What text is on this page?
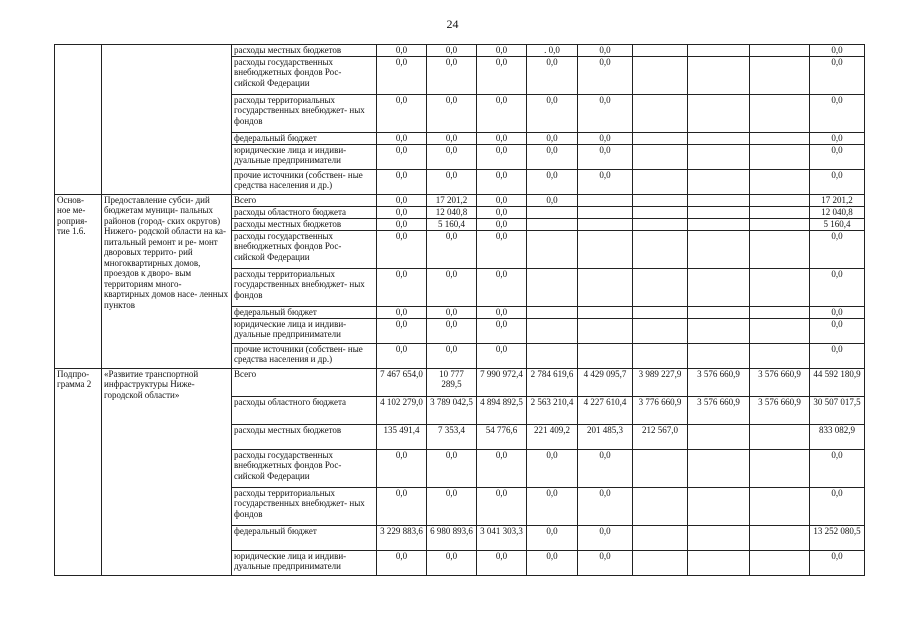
24
		расходы местных бюджетов	0,0	0,0	0,0	. 0,0	0,0				0,0
		расходы государственных внебюджетных фондов Рос- сийской Федерации	0,0	0,0	0,0	0,0	0,0				0,0
		расходы территориальных государственных внебюджет- ных фондов	0,0	0,0	0,0	0,0	0,0				0,0
		федеральный бюджет	0,0	0,0	0,0	0,0	0,0				0,0
		юридические лица и индиви- дуальные предприниматели	0,0	0,0	0,0	0,0	0,0				0,0
		прочие источники (собствен- ные средства населения и др.)	0,0	0,0	0,0	0,0	0,0				0,0
Основ- ное ме- роприя- тие 1.6.	Предоставление субси- дий бюджетам муници- пальных районов (город- ских округов) Нижего- родской области на ка- питальный ремонт и ре- монт дворовых террито- рий многоквартирных домов, проездов к дворо- вым территориям много- квартирных домов насе- ленных пунктов	Всего	0,0	17 201,2	0,0	0,0					17 201,2
		расходы областного бюджета	0,0	12 040,8	0,0						12 040,8
		расходы местных бюджетов	0,0	5 160,4	0,0						5 160,4
		расходы государственных внебюджетных фондов Рос- сийской Федерации	0,0	0,0	0,0						0,0
		расходы территориальных государственных внебюджет- ных фондов	0,0	0,0	0,0						0,0
		федеральный бюджет	0,0	0,0	0,0						0,0
		юридические лица и индиви- дуальные предприниматели	0,0	0,0	0,0						0,0
		прочие источники (собствен- ные средства населения и др.)	0,0	0,0	0,0						0,0
Подпро- грамма 2	«Развитие транспортной инфраструктуры Ниже- городской области»	Всего	7 467 654,0	10 777 289,5	7 990 972,4	2 784 619,6	4 429 095,7	3 989 227,9	3 576 660,9	3 576 660,9	44 592 180,9
		расходы областного бюджета	4 102 279,0	3 789 042,5	4 894 892,5	2 563 210,4	4 227 610,4	3 776 660,9	3 576 660,9	3 576 660,9	30 507 017,5
		расходы местных бюджетов	135 491,4	7 353,4	54 776,6	221 409,2	201 485,3	212 567,0			833 082,9
		расходы государственных внебюджетных фондов Рос- сийской Федерации	0,0	0,0	0,0	0,0	0,0				0,0
		расходы территориальных государственных внебюджет- ных фондов	0,0	0,0	0,0	0,0	0,0				0,0
		федеральный бюджет	3 229 883,6	6 980 893,6	3 041 303,3	0,0	0,0				13 252 080,5
		юридические лица и индиви- дуальные предприниматели	0,0	0,0	0,0	0,0	0,0				0,0
